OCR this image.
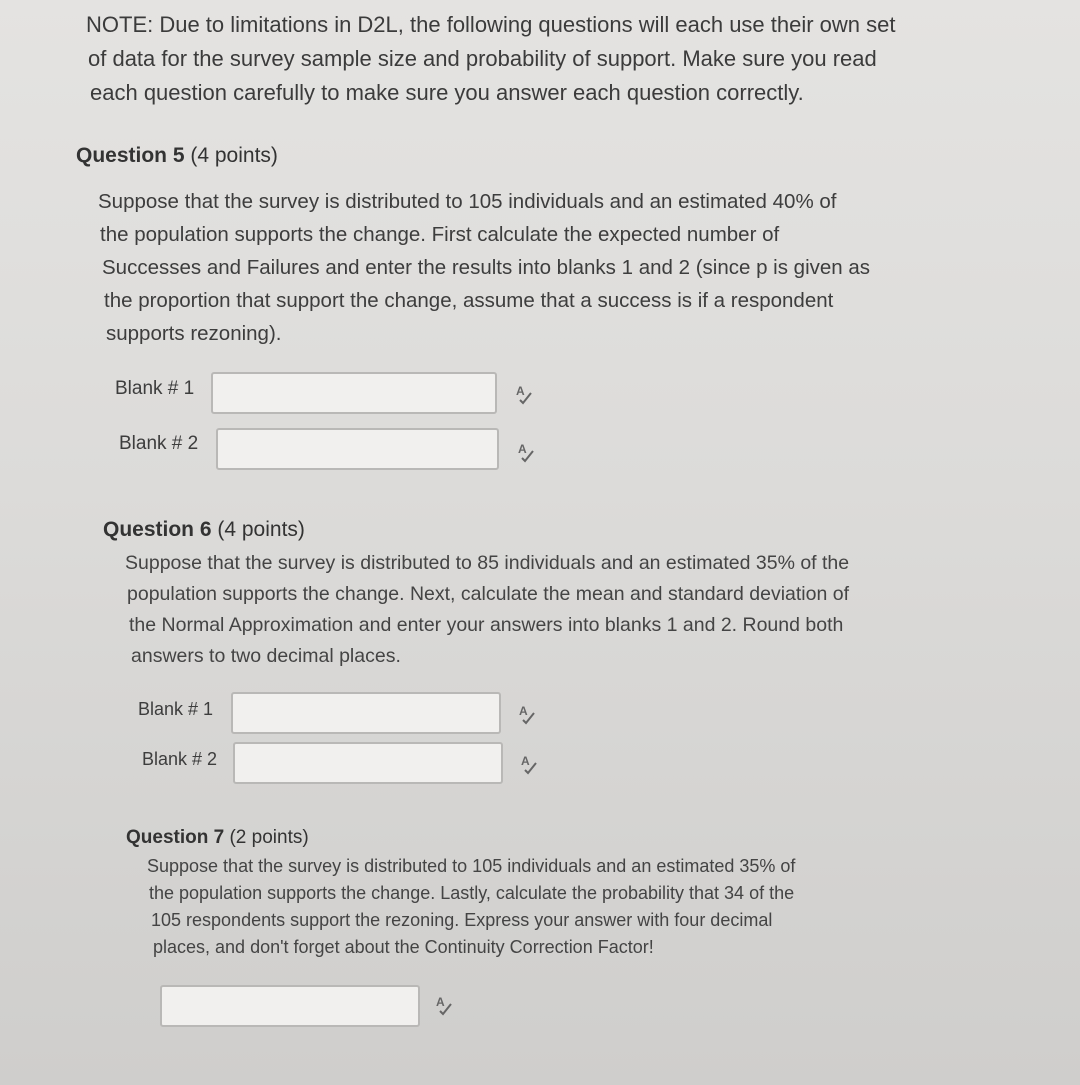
NOTE: Due to limitations in D2L, the following questions will each use their own set
of data for the survey sample size and probability of support. Make sure you read
each question carefully to make sure you answer each question correctly.
Question 5 (4 points)
Suppose that the survey is distributed to 105 individuals and an estimated 40% of
the population supports the change. First calculate the expected number of
Successes and Failures and enter the results into blanks 1 and 2 (since p is given as
the proportion that support the change, assume that a success is if a respondent
supports rezoning).
Blank # 1	A
Blank # 2	A
Question 6 (4 points)
Suppose that the survey is distributed to 85 individuals and an estimated 35% of the
population supports the change. Next, calculate the mean and standard deviation of
the Normal Approximation and enter your answers into blanks 1 and 2. Round both
answers to two decimal places.
Blank # 1	A
Blank # 2	A
Question 7 (2 points)
Suppose that the survey is distributed to 105 individuals and an estimated 35% of
the population supports the change. Lastly, calculate the probability that 34 of the
105 respondents support the rezoning. Express your answer with four decimal
places, and don't forget about the Continuity Correction Factor!
A
